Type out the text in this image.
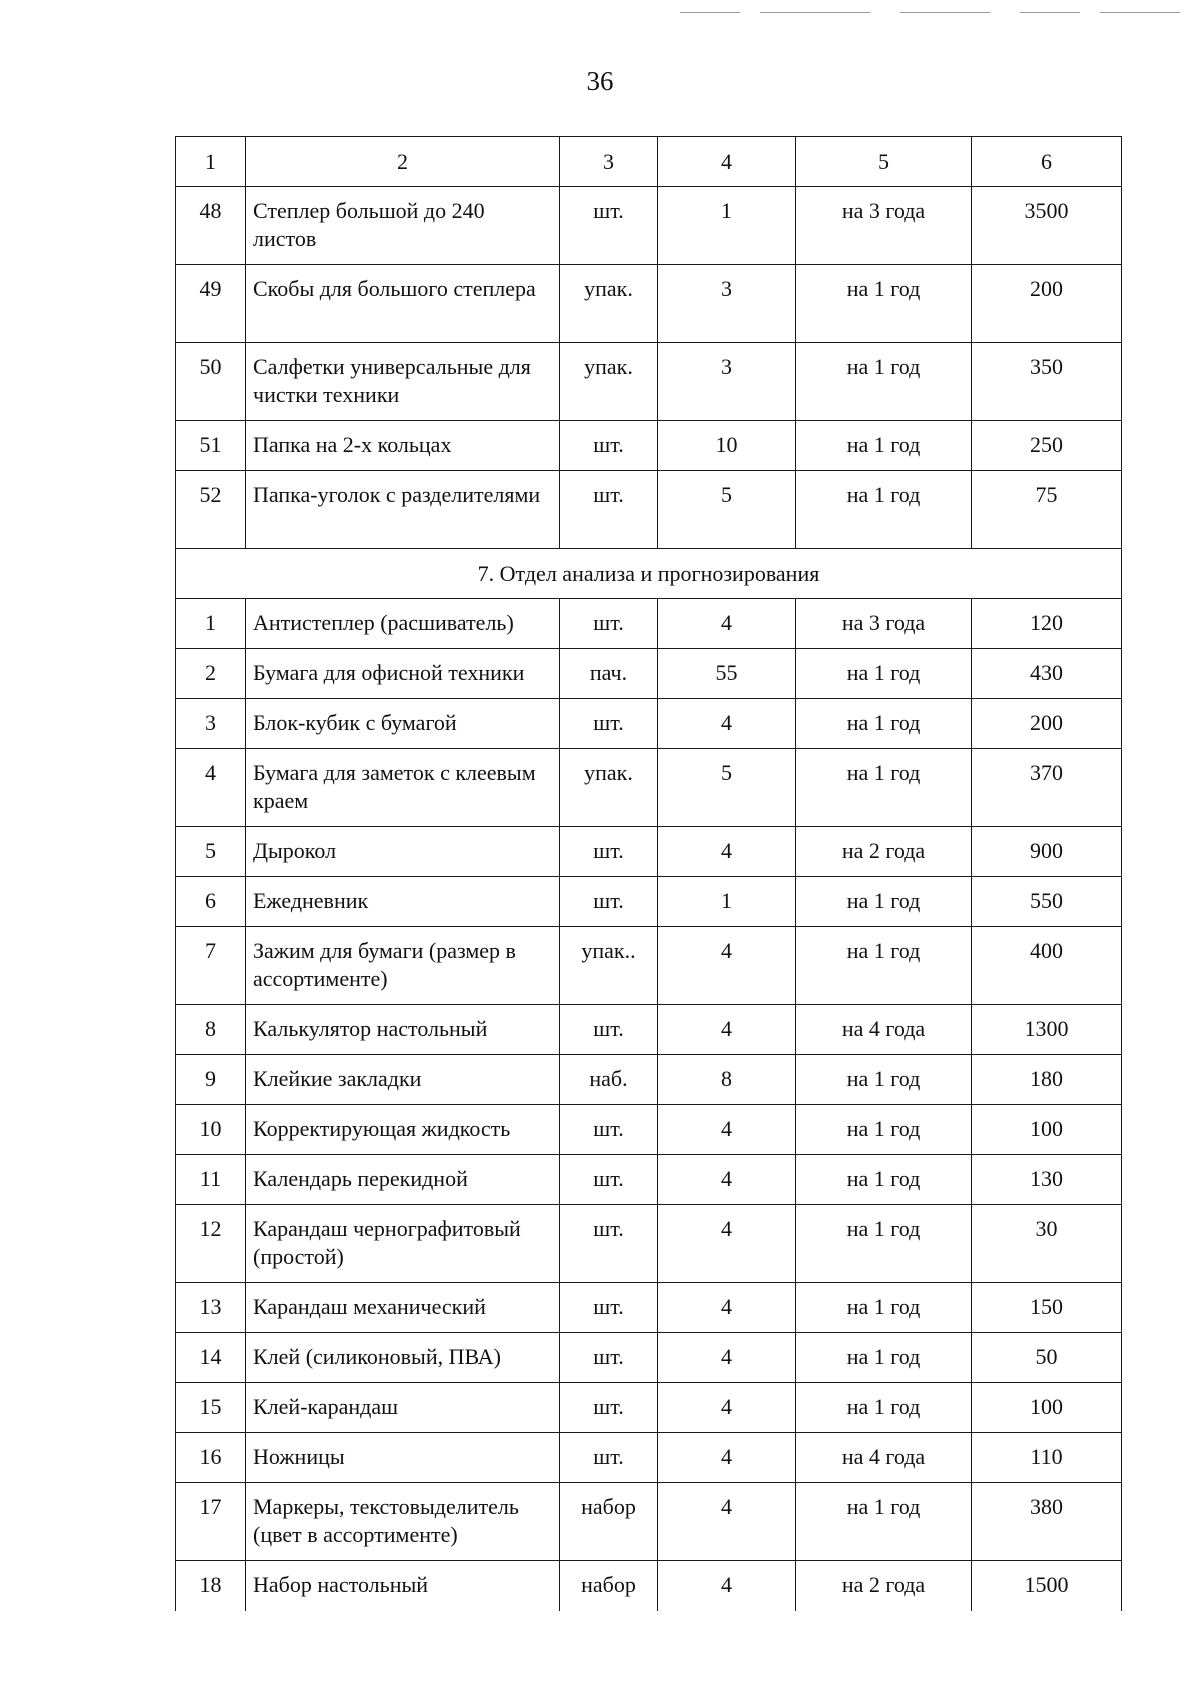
36
1	2	3	4	5	6
48	Степлер большой до 240 листов	шт.	1	на 3 года	3500
49	Скобы для большого степлера	упак.	3	на 1 год	200
50	Салфетки универсальные для чистки техники	упак.	3	на 1 год	350
51	Папка на 2-х кольцах	шт.	10	на 1 год	250
52	Папка-уголок с разделителями	шт.	5	на 1 год	75
7. Отдел анализа и прогнозирования					
1	Антистеплер (расшиватель)	шт.	4	на 3 года	120
2	Бумага для офисной техники	пач.	55	на 1 год	430
3	Блок-кубик с бумагой	шт.	4	на 1 год	200
4	Бумага для заметок с клеевым краем	упак.	5	на 1 год	370
5	Дырокол	шт.	4	на 2 года	900
6	Ежедневник	шт.	1	на 1 год	550
7	Зажим для бумаги (размер в ассортименте)	упак..	4	на 1 год	400
8	Калькулятор настольный	шт.	4	на 4 года	1300
9	Клейкие закладки	наб.	8	на 1 год	180
10	Корректирующая жидкость	шт.	4	на 1 год	100
11	Календарь перекидной	шт.	4	на 1 год	130
12	Карандаш чернографитовый (простой)	шт.	4	на 1 год	30
13	Карандаш механический	шт.	4	на 1 год	150
14	Клей (силиконовый, ПВА)	шт.	4	на 1 год	50
15	Клей-карандаш	шт.	4	на 1 год	100
16	Ножницы	шт.	4	на 4 года	110
17	Маркеры, текстовыделитель (цвет в ассортименте)	набор	4	на 1 год	380
18	Набор настольный	набор	4	на 2 года	1500
